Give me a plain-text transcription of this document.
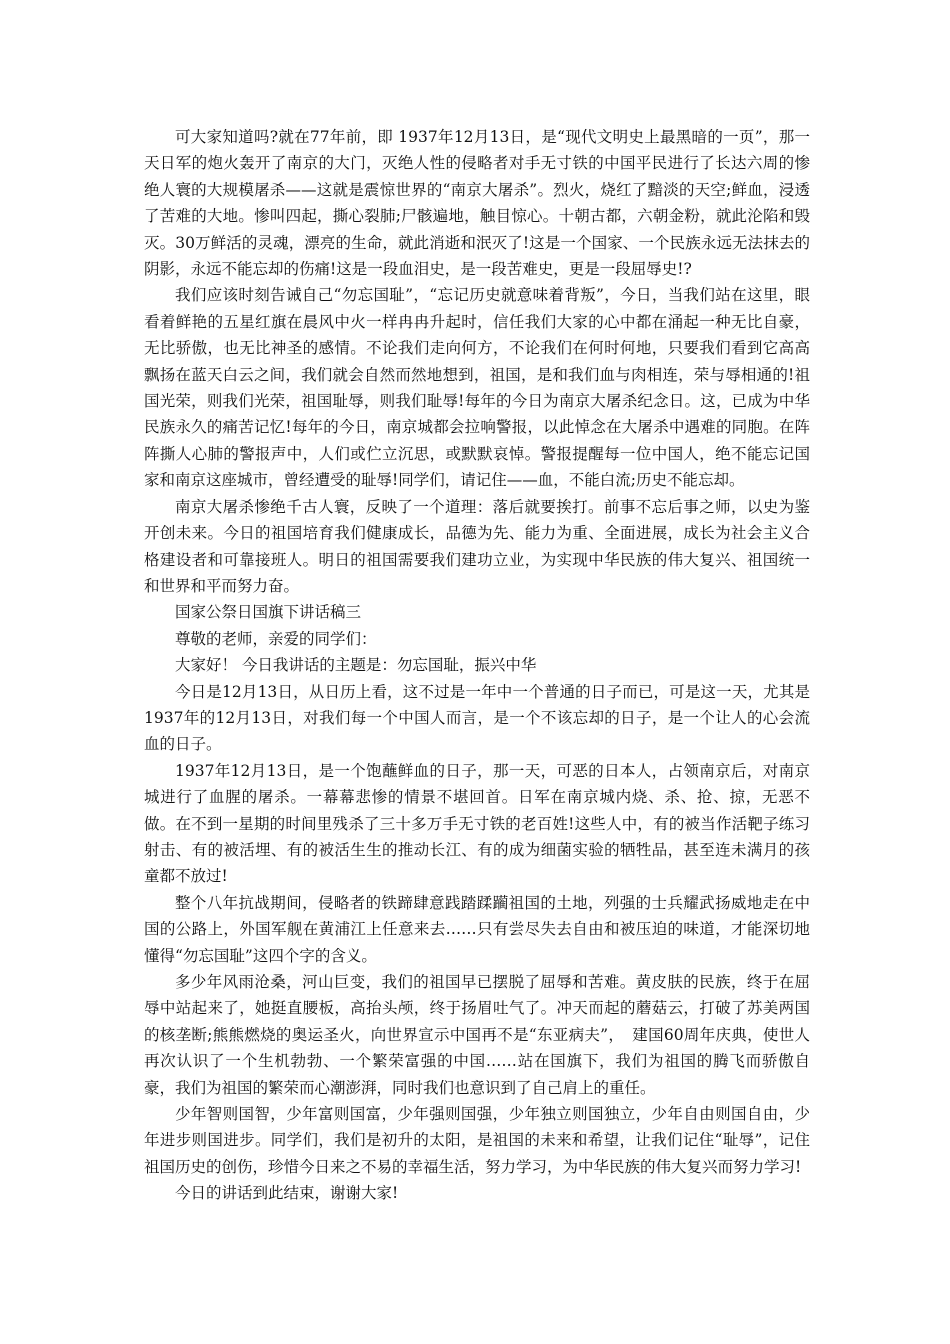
可大家知道吗?就在77年前，即 1937年12月13日，是“现代文明史上最黑暗的一页”，那一天日军的炮火轰开了南京的大门，灭绝人性的侵略者对手无寸铁的中国平民进行了长达六周的惨绝人寰的大规模屠杀——这就是震惊世界的“南京大屠杀”。烈火，烧红了黯淡的天空;鲜血，浸透了苦难的大地。惨叫四起，撕心裂肺;尸骸遍地，触目惊心。十朝古都，六朝金粉，就此沦陷和毁灭。30万鲜活的灵魂，漂亮的生命，就此消逝和泯灭了!这是一个国家、一个民族永远无法抹去的阴影，永远不能忘却的伤痛!这是一段血泪史，是一段苦难史，更是一段屈辱史!?

我们应该时刻告诫自己“勿忘国耻”，“忘记历史就意味着背叛”，今日，当我们站在这里，眼看着鲜艳的五星红旗在晨风中火一样冉冉升起时，信任我们大家的心中都在涌起一种无比自豪，无比骄傲，也无比神圣的感情。不论我们走向何方，不论我们在何时何地，只要我们看到它高高飘扬在蓝天白云之间，我们就会自然而然地想到，祖国，是和我们血与肉相连，荣与辱相通的!祖国光荣，则我们光荣，祖国耻辱，则我们耻辱!每年的今日为南京大屠杀纪念日。这，已成为中华民族永久的痛苦记忆!每年的今日，南京城都会拉响警报，以此悼念在大屠杀中遇难的同胞。在阵阵撕人心肺的警报声中，人们或伫立沉思，或默默哀悼。警报提醒每一位中国人，绝不能忘记国家和南京这座城市，曾经遭受的耻辱!同学们，请记住——血，不能白流;历史不能忘却。

南京大屠杀惨绝千古人寰，反映了一个道理：落后就要挨打。前事不忘后事之师，以史为鉴开创未来。今日的祖国培育我们健康成长，品德为先、能力为重、全面进展，成长为社会主义合格建设者和可靠接班人。明日的祖国需要我们建功立业，为实现中华民族的伟大复兴、祖国统一和世界和平而努力奋。

国家公祭日国旗下讲话稿三

尊敬的老师，亲爱的同学们：

大家好！ 今日我讲话的主题是：勿忘国耻，振兴中华

今日是12月13日，从日历上看，这不过是一年中一个普通的日子而已，可是这一天，尤其是1937年的12月13日，对我们每一个中国人而言，是一个不该忘却的日子，是一个让人的心会流血的日子。

1937年12月13日，是一个饱蘸鲜血的日子，那一天，可恶的日本人，占领南京后，对南京城进行了血腥的屠杀。一幕幕悲惨的情景不堪回首。日军在南京城内烧、杀、抢、掠，无恶不做。在不到一星期的时间里残杀了三十多万手无寸铁的老百姓!这些人中，有的被当作活靶子练习射击、有的被活埋、有的被活生生的推动长江、有的成为细菌实验的牺牲品，甚至连未满月的孩童都不放过!

整个八年抗战期间，侵略者的铁蹄肆意践踏蹂躏祖国的土地，列强的士兵耀武扬威地走在中国的公路上，外国军舰在黄浦江上任意来去……只有尝尽失去自由和被压迫的味道，才能深切地懂得“勿忘国耻”这四个字的含义。

多少年风雨沧桑，河山巨变，我们的祖国早已摆脱了屈辱和苦难。黄皮肤的民族，终于在屈辱中站起来了，她挺直腰板，高抬头颅，终于扬眉吐气了。冲天而起的蘑菇云，打破了苏美两国的核垄断;熊熊燃烧的奥运圣火，向世界宣示中国再不是“东亚病夫”，　建国60周年庆典，使世人再次认识了一个生机勃勃、一个繁荣富强的中国……站在国旗下，我们为祖国的腾飞而骄傲自豪，我们为祖国的繁荣而心潮澎湃，同时我们也意识到了自己肩上的重任。

少年智则国智，少年富则国富，少年强则国强，少年独立则国独立，少年自由则国自由，少年进步则国进步。同学们，我们是初升的太阳，是祖国的未来和希望，让我们记住“耻辱”，记住祖国历史的创伤，珍惜今日来之不易的幸福生活，努力学习，为中华民族的伟大复兴而努力学习!

今日的讲话到此结束，谢谢大家!
